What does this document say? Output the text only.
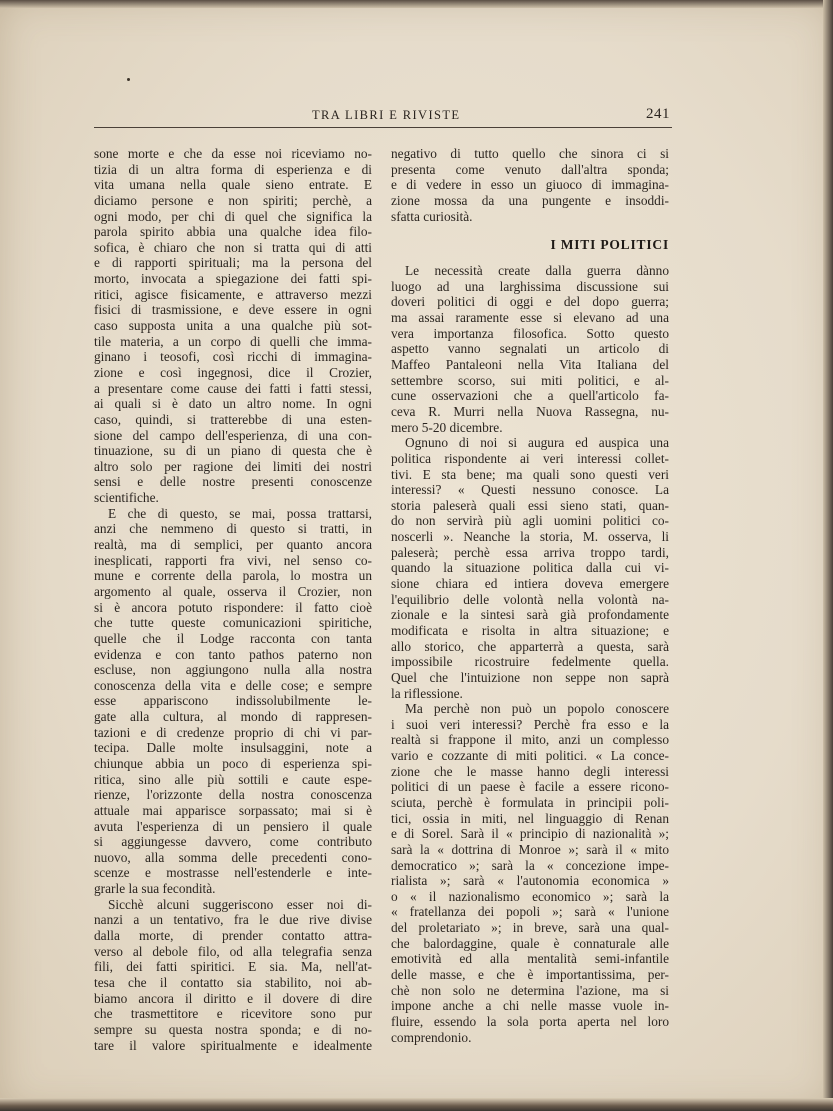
TRA LIBRI E RIVISTE	241
sone morte e che da esse noi riceviamo no-
tizia di un altra forma di esperienza e di
vita umana nella quale sieno entrate. E
diciamo persone e non spiriti; perchè, a
ogni modo, per chi di quel che significa la
parola spirito abbia una qualche idea filo-
sofica, è chiaro che non si tratta qui di atti
e di rapporti spirituali; ma la persona del
morto, invocata a spiegazione dei fatti spi-
ritici, agisce fisicamente, e attraverso mezzi
fisici di trasmissione, e deve essere in ogni
caso supposta unita a una qualche più sot-
tile materia, a un corpo di quelli che imma-
ginano i teosofi, così ricchi di immagina-
zione e così ingegnosi, dice il Crozier,
a presentare come cause dei fatti i fatti stessi,
ai quali si è dato un altro nome. In ogni
caso, quindi, si tratterebbe di una esten-
sione del campo dell'esperienza, di una con-
tinuazione, su di un piano di questa che è
altro solo per ragione dei limiti dei nostri
sensi e delle nostre presenti conoscenze
scientifiche.
E che di questo, se mai, possa trattarsi,
anzi che nemmeno di questo si tratti, in
realtà, ma di semplici, per quanto ancora
inesplicati, rapporti fra vivi, nel senso co-
mune e corrente della parola, lo mostra un
argomento al quale, osserva il Crozier, non
si è ancora potuto rispondere: il fatto cioè
che tutte queste comunicazioni spiritiche,
quelle che il Lodge racconta con tanta
evidenza e con tanto pathos paterno non
escluse, non aggiungono nulla alla nostra
conoscenza della vita e delle cose; e sempre
esse appariscono indissolubilmente le-
gate alla cultura, al mondo di rappresen-
tazioni e di credenze proprio di chi vi par-
tecipa. Dalle molte insulsaggini, note a
chiunque abbia un poco di esperienza spi-
ritica, sino alle più sottili e caute espe-
rienze, l'orizzonte della nostra conoscenza
attuale mai apparisce sorpassato; mai si è
avuta l'esperienza di un pensiero il quale
si aggiungesse davvero, come contributo
nuovo, alla somma delle precedenti cono-
scenze e mostrasse nell'estenderle e inte-
grarle la sua fecondità.
Sicchè alcuni suggeriscono esser noi di-
nanzi a un tentativo, fra le due rive divise
dalla morte, di prender contatto attra-
verso al debole filo, od alla telegrafia senza
fili, dei fatti spiritici. E sia. Ma, nell'at-
tesa che il contatto sia stabilito, noi ab-
biamo ancora il diritto e il dovere di dire
che trasmettitore e ricevitore sono pur
sempre su questa nostra sponda; e di no-
tare il valore spiritualmente e idealmente
negativo di tutto quello che sinora ci si
presenta come venuto dall'altra sponda;
e di vedere in esso un giuoco di immagina-
zione mossa da una pungente e insoddi-
sfatta curiosità.
I MITI POLITICI
Le necessità create dalla guerra dànno
luogo ad una larghissima discussione sui
doveri politici di oggi e del dopo guerra;
ma assai raramente esse si elevano ad una
vera importanza filosofica. Sotto questo
aspetto vanno segnalati un articolo di
Maffeo Pantaleoni nella Vita Italiana del
settembre scorso, sui miti politici, e al-
cune osservazioni che a quell'articolo fa-
ceva R. Murri nella Nuova Rassegna, nu-
mero 5-20 dicembre.
Ognuno di noi si augura ed auspica una
politica rispondente ai veri interessi collet-
tivi. E sta bene; ma quali sono questi veri
interessi? « Questi nessuno conosce. La
storia paleserà quali essi sieno stati, quan-
do non servirà più agli uomini politici co-
noscerli ». Neanche la storia, M. osserva, li
paleserà; perchè essa arriva troppo tardi,
quando la situazione politica dalla cui vi-
sione chiara ed intiera doveva emergere
l'equilibrio delle volontà nella volontà na-
zionale e la sintesi sarà già profondamente
modificata e risolta in altra situazione; e
allo storico, che apparterrà a questa, sarà
impossibile ricostruire fedelmente quella.
Quel che l'intuizione non seppe non saprà
la riflessione.
Ma perchè non può un popolo conoscere
i suoi veri interessi? Perchè fra esso e la
realtà si frappone il mito, anzi un complesso
vario e cozzante di miti politici. « La conce-
zione che le masse hanno degli interessi
politici di un paese è facile a essere ricono-
sciuta, perchè è formulata in principii poli-
tici, ossia in miti, nel linguaggio di Renan
e di Sorel. Sarà il « principio di nazionalità »;
sarà la « dottrina di Monroe »; sarà il « mito
democratico »; sarà la « concezione impe-
rialista »; sarà « l'autonomia economica »
o « il nazionalismo economico »; sarà la
« fratellanza dei popoli »; sarà « l'unione
del proletariato »; in breve, sarà una qual-
che balordaggine, quale è connaturale alle
emotività ed alla mentalità semi-infantile
delle masse, e che è importantissima, per-
chè non solo ne determina l'azione, ma si
impone anche a chi nelle masse vuole in-
fluire, essendo la sola porta aperta nel loro
comprendonio.
